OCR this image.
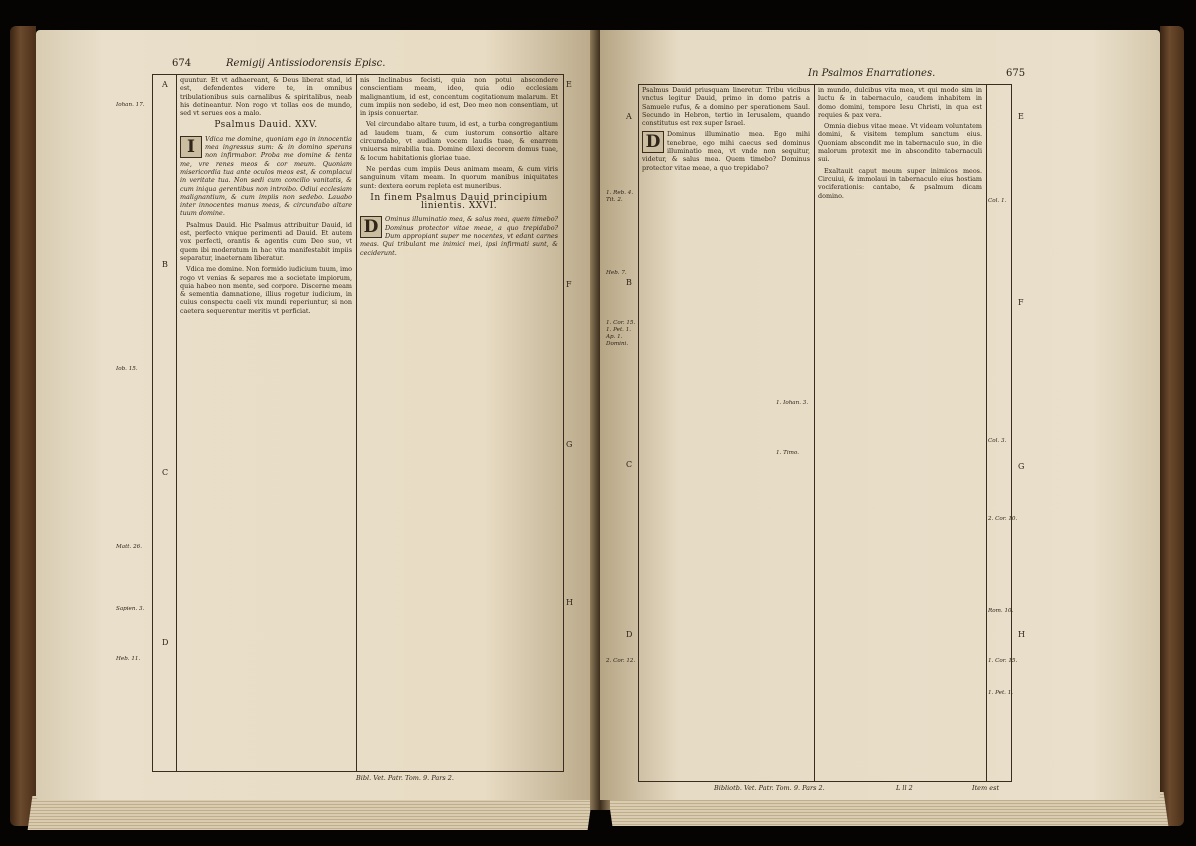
674	Remigij Antissiodorensis Episc.
A
B
C
D
E
F
G
H
Iohan. 17.
Iob. 15.
Matt. 26.
Sapien. 3.
Heb. 11.

quuntur. Et vt adhaereant, & Deus liberat stad, id est, defendentes videre te, in omnibus tribulationibus suis carnalibus & spiritalibus, neab his detineantur. Non rogo vt tollas eos de mundo, sed vt serues eos a malo.

Psalmus Dauid. XXV.
I	Vdica me domine, quoniam ego in innocentia mea ingressus sum: & in domino sperans non infirmabor. Proba me domine & tenta me, vre renes meos & cor meum. Quoniam misericordia tua ante oculos meos est, & complacui in veritate tua. Non sedi cum concilio vanitatis, & cum iniqua gerentibus non introibo. Odiui ecclesiam malignantium, & cum impiis non sedebo. Lauabo inter innocentes manus meas, & circundabo altare tuum domine.

Psalmus Dauid. Hic Psalmus attribuitur Dauid, id est, perfecto vnique perimenti ad Dauid. Et autem vox perfecti, orantis & agentis cum Deo suo, vt quem ibi moderatum in hac vita manifestabit impiis separatur, inaeternam liberatur.

Vdica me domine. Non formido iudicium tuum, imo rogo vt venias & separes me a societate impiorum, quia habeo non mente, sed corpore. Discerne meam & sementia damnatione, illius rogetur iudicium, in cuius conspectu caeli vix mundi reperiuntur, si non caetera sequerentur meritis vt perficiat.

nis Inclinabus fecisti, quia non potui abscondere conscientiam meam, ideo, quia odio ecclesiam malignantium, id est, concentum cogitationum malarum. Et cum impiis non sedebo, id est, Deo meo non consentiam, ut in ipsis conuertar.

Vel circundabo altare tuum, id est, a turba congregantium ad laudem tuam, & cum iustorum consortio altare circumdabo, vt audiam vocem laudis tuae, & enarrem vniuersa mirabilia tua. Domine dilexi decorem domus tuae, & locum habitationis gloriae tuae.

Ne perdas cum impiis Deus animam meam, & cum viris sanguinum vitam meam. In quorum manibus iniquitates sunt: dextera eorum repleta est muneribus.

In finem Psalmus Dauid principium linientis. XXVI.
D	Ominus illuminatio mea, & salus mea, quem timebo? Dominus protector vitae meae, a quo trepidabo? Dum appropiant super me nocentes, vt edant carnes meas. Qui tribulant me inimici mei, ipsi infirmati sunt, & ceciderunt.

Bibl. Vet. Patr. Tom. 9. Pars 2.
In Psalmos Enarrationes.	675
A
B
C
D
E
F
G
H
1. Reb. 4. Tit. 2.
Heb. 7.
1. Cor. 15. 1. Pet. 1. Ap. 1. Domini.
1. Iohan. 3.
1. Timo.
2. Cor. 12.
Col. 1.
Col. 3.
2. Cor. 10.
Rom. 10.
1. Cor. 15.
1. Pet. 1.

Psalmus Dauid priusquam lineretur. Tribu vicibus vnctus legitur Dauid, primo in domo patris a Samuele rufus, & a domino per sperationem Saul. Secundo in Hebron, tertio in Ierusalem, quando constitutus est rex super Israel.

D	Dominus illuminatio mea. Ego mihi tenebrae, ego mihi caecus sed dominus illuminatio mea, vt vnde non sequitur, videtur, & salus mea. Quem timebo? Dominus protector vitae meae, a quo trepidabo?

in mundo, dulcibus vita mea, vt qui modo sim in luctu & in tabernaculo, caudem inhabitem in domo domini, tempore Iesu Christi, in qua est requies & pax vera.

Omnia diebus vitae meae. Vt videam voluntatem domini, & visitem templum sanctum eius. Quoniam abscondit me in tabernaculo suo, in die malorum protexit me in abscondito tabernaculi sui.

Exaltauit caput meum super inimicos meos. Circuiui, & immolaui in tabernaculo eius hostiam vociferationis: cantabo, & psalmum dicam domino.

Bibliotb. Vet. Patr. Tom. 9. Pars 2.	L ll 2	Item est
